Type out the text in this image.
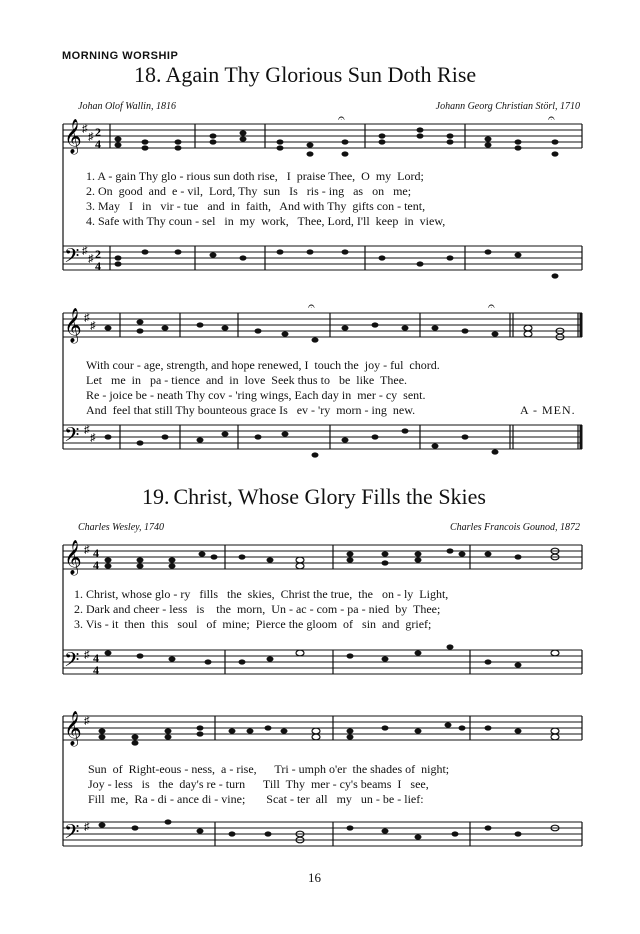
MORNING WORSHIP
18. Again Thy Glorious Sun Doth Rise
Johan Olof Wallin, 1816	Johann Georg Christian Störl, 1710
𝄞
𝄢
♯
♯
♯
♯
2
4
2
4
𝄐	𝄐
1. A - gain Thy glo - rious sun doth rise,   I  praise Thee,  O  my  Lord;
2. On  good  and  e - vil,  Lord, Thy  sun   Is   ris - ing   as   on   me;
3. May   I   in   vir - tue   and  in  faith,   And with Thy  gifts con - tent,
4. Safe with Thy coun - sel   in  my  work,   Thee, Lord, I'll  keep  in  view,
𝄞
𝄢
♯
♯
♯
♯
𝄐	𝄐
With cour - age, strength, and hope renewed, I  touch the  joy - ful  chord.
Let   me  in   pa - tience  and  in  love  Seek thus to   be  like  Thee.
Re - joice be - neath Thy cov - 'ring wings, Each day in  mer - cy  sent.
And  feel that still Thy bounteous grace Is   ev - 'ry  morn - ing  new.	A - MEN.
19. Christ, Whose Glory Fills the Skies
Charles Wesley, 1740	Charles Francois Gounod, 1872
𝄞
𝄢
♯
♯
4
4
4
4
1. Christ, whose glo - ry   fills   the  skies,  Christ the true,  the   on - ly  Light,
2. Dark and cheer - less   is    the  morn,  Un - ac - com - pa - nied  by  Thee;
3. Vis - it  then  this   soul   of  mine;  Pierce the gloom  of   sin  and  grief;
𝄞
𝄢
♯
♯
Sun  of  Right-eous - ness,  a - rise,      Tri - umph o'er  the shades of  night;
Joy - less   is   the  day's re - turn      Till  Thy  mer - cy's beams  I   see,
Fill  me,  Ra - di - ance di - vine;       Scat - ter  all   my   un - be - lief:
16
